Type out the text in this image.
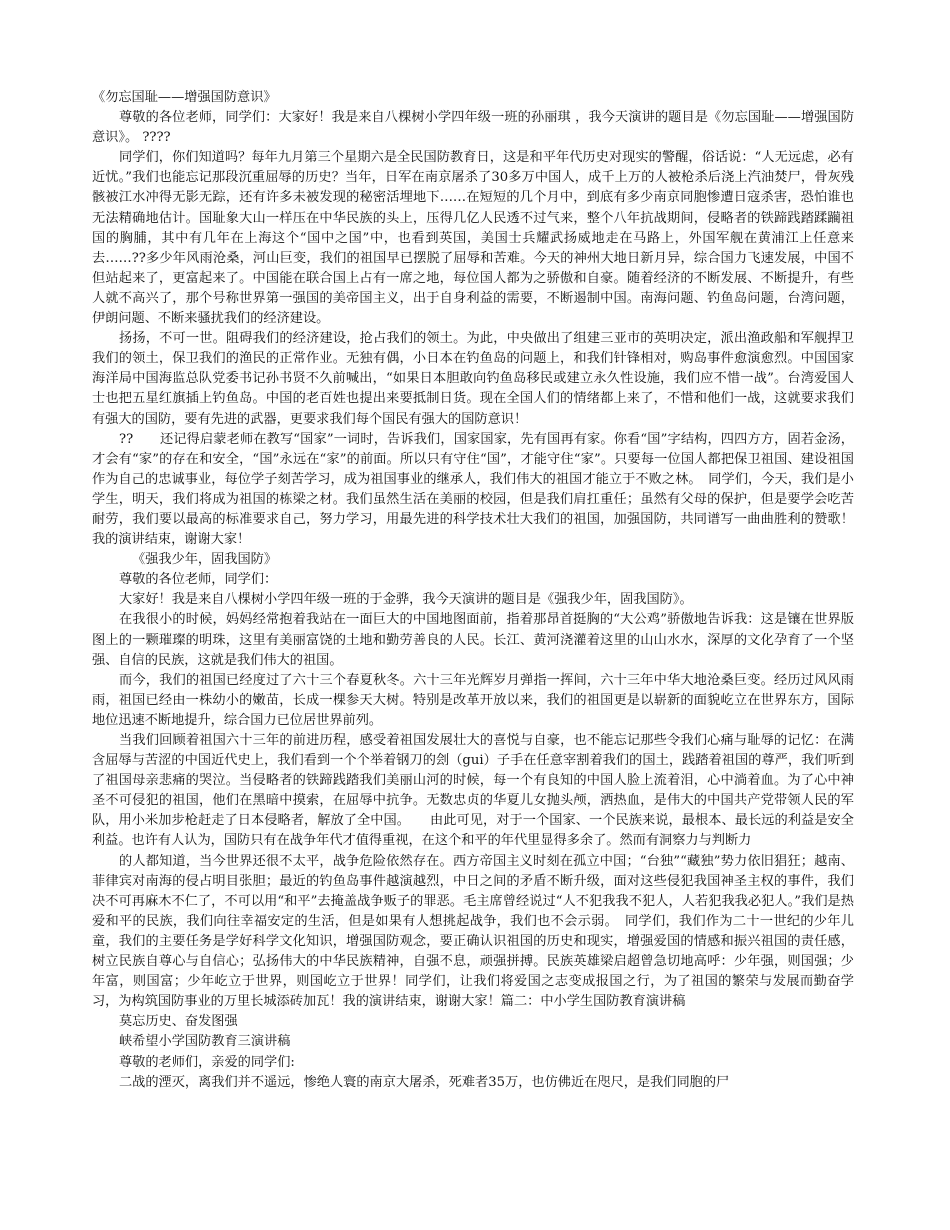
《勿忘国耻——增强国防意识》

尊敬的各位老师，同学们：大家好！我是来自八棵树小学四年级一班的孙丽琪 ，我今天演讲的题目是《勿忘国耻——增强国防意识》。 ????

同学们，你们知道吗？每年九月第三个星期六是全民国防教育日，这是和平年代历史对现实的警醒，俗话说：“人无远虑，必有近忧。”我们也能忘记那段沉重屈辱的历史？当年，日军在南京屠杀了30多万中国人，成千上万的人被枪杀后浇上汽油焚尸，骨灰残骸被江水冲得无影无踪，还有许多未被发现的秘密活埋地下……在短短的几个月中，到底有多少南京同胞惨遭日寇杀害，恐怕谁也无法精确地估计。国耻象大山一样压在中华民族的头上，压得几亿人民透不过气来，整个八年抗战期间，侵略者的铁蹄践踏蹂躏祖国的胸脯，其中有几年在上海这个“国中之国”中，也看到英国，美国士兵耀武扬威地走在马路上，外国军舰在黄浦江上任意来去……??多少年风雨沧桑，河山巨变，我们的祖国早已摆脱了屈辱和苦难。今天的神州大地日新月异，综合国力飞速发展，中国不但站起来了，更富起来了。中国能在联合国上占有一席之地，每位国人都为之骄傲和自豪。随着经济的不断发展、不断提升，有些人就不高兴了，那个号称世界第一强国的美帝国主义，出于自身利益的需要，不断遏制中国。南海问题、钓鱼岛问题，台湾问题，伊朗问题、不断来骚扰我们的经济建设。

扬扬，不可一世。阻碍我们的经济建设，抢占我们的领土。为此，中央做出了组建三亚市的英明决定，派出渔政船和军舰捍卫我们的领土，保卫我们的渔民的正常作业。无独有偶，小日本在钓鱼岛的问题上，和我们针锋相对，购岛事件愈演愈烈。中国国家海洋局中国海监总队党委书记孙书贤不久前喊出，“如果日本胆敢向钓鱼岛移民或建立永久性设施，我们应不惜一战”。台湾爱国人士也把五星红旗插上钓鱼岛。中国的老百姓也提出来要抵制日货。现在全国人们的情绪都上来了，不惜和他们一战，这就要求我们有强大的国防，要有先进的武器，更要求我们每个国民有强大的国防意识！

??　　还记得启蒙老师在教写“国家”一词时，告诉我们，国家国家，先有国再有家。你看“国”字结构，四四方方，固若金汤，才会有“家”的存在和安全，“国”永远在“家”的前面。所以只有守住“国”，才能守住“家”。只要每一位国人都把保卫祖国、建设祖国作为自己的忠诚事业，每位学子刻苦学习，成为祖国事业的继承人，我们伟大的祖国才能立于不败之林。　同学们，今天，我们是小学生，明天，我们将成为祖国的栋梁之材。我们虽然生活在美丽的校园，但是我们肩扛重任；虽然有父母的保护，但是要学会吃苦耐劳，我们要以最高的标准要求自己，努力学习，用最先进的科学技术壮大我们的祖国，加强国防，共同谱写一曲曲胜利的赞歌！ 我的演讲结束，谢谢大家！

《强我少年，固我国防》

尊敬的各位老师，同学们：

大家好！我是来自八棵树小学四年级一班的于金骅，我今天演讲的题目是《强我少年，固我国防》。

在我很小的时候，妈妈经常抱着我站在一面巨大的中国地图面前，指着那昂首挺胸的“大公鸡”骄傲地告诉我：这是镶在世界版图上的一颗璀璨的明珠，这里有美丽富饶的土地和勤劳善良的人民。长江、黄河浇灌着这里的山山水水，深厚的文化孕育了一个坚强、自信的民族，这就是我们伟大的祖国。

而今，我们的祖国已经度过了六十三个春夏秋冬。六十三年光辉岁月弹指一挥间，六十三年中华大地沧桑巨变。经历过风风雨雨，祖国已经由一株幼小的嫩苗，长成一棵参天大树。特别是改革开放以来，我们的祖国更是以崭新的面貌屹立在世界东方，国际地位迅速不断地提升，综合国力已位居世界前列。

当我们回顾着祖国六十三年的前进历程，感受着祖国发展壮大的喜悦与自豪，也不能忘记那些令我们心痛与耻辱的记忆：在满含屈辱与苦涩的中国近代史上，我们看到一个个举着钢刀的刽（gui）子手在任意宰割着我们的国土，践踏着祖国的尊严，我们听到了祖国母亲悲痛的哭泣。当侵略者的铁蹄践踏我们美丽山河的时候，每一个有良知的中国人脸上流着泪，心中淌着血。为了心中神圣不可侵犯的祖国，他们在黑暗中摸索，在屈辱中抗争。无数忠贞的华夏儿女抛头颅，洒热血，是伟大的中国共产党带领人民的军队，用小米加步枪赶走了日本侵略者，解放了全中国。　　由此可见，对于一个国家、一个民族来说，最根本、最长远的利益是安全利益。也许有人认为，国防只有在战争年代才值得重视，在这个和平的年代里显得多余了。然而有洞察力与判断力

的人都知道，当今世界还很不太平，战争危险依然存在。西方帝国主义时刻在孤立中国；“台独”“藏独”势力依旧猖狂；越南、菲律宾对南海的侵占明目张胆；最近的钓鱼岛事件越演越烈，中日之间的矛盾不断升级，面对这些侵犯我国神圣主权的事件，我们决不可再麻木不仁了，不可以用“和平”去掩盖战争贩子的罪恶。毛主席曾经说过“人不犯我我不犯人，人若犯我我必犯人。”我们是热爱和平的民族，我们向往幸福安定的生活，但是如果有人想挑起战争，我们也不会示弱。　同学们，我们作为二十一世纪的少年儿童，我们的主要任务是学好科学文化知识，增强国防观念，要正确认识祖国的历史和现实，增强爱国的情感和振兴祖国的责任感，树立民族自尊心与自信心；弘扬伟大的中华民族精神，自强不息，顽强拼搏。民族英雄梁启超曾急切地高呼：少年强，则国强；少年富，则国富；少年屹立于世界，则国屹立于世界！同学们，让我们将爱国之志变成报国之行，为了祖国的繁荣与发展而勤奋学习，为构筑国防事业的万里长城添砖加瓦！我的演讲结束，谢谢大家！篇二：中小学生国防教育演讲稿

莫忘历史、奋发图强

峡希望小学国防教育三演讲稿

尊敬的老师们，亲爱的同学们:

二战的湮灭，离我们并不遥远，惨绝人寰的南京大屠杀，死难者35万，也仿佛近在咫尺，是我们同胞的尸
